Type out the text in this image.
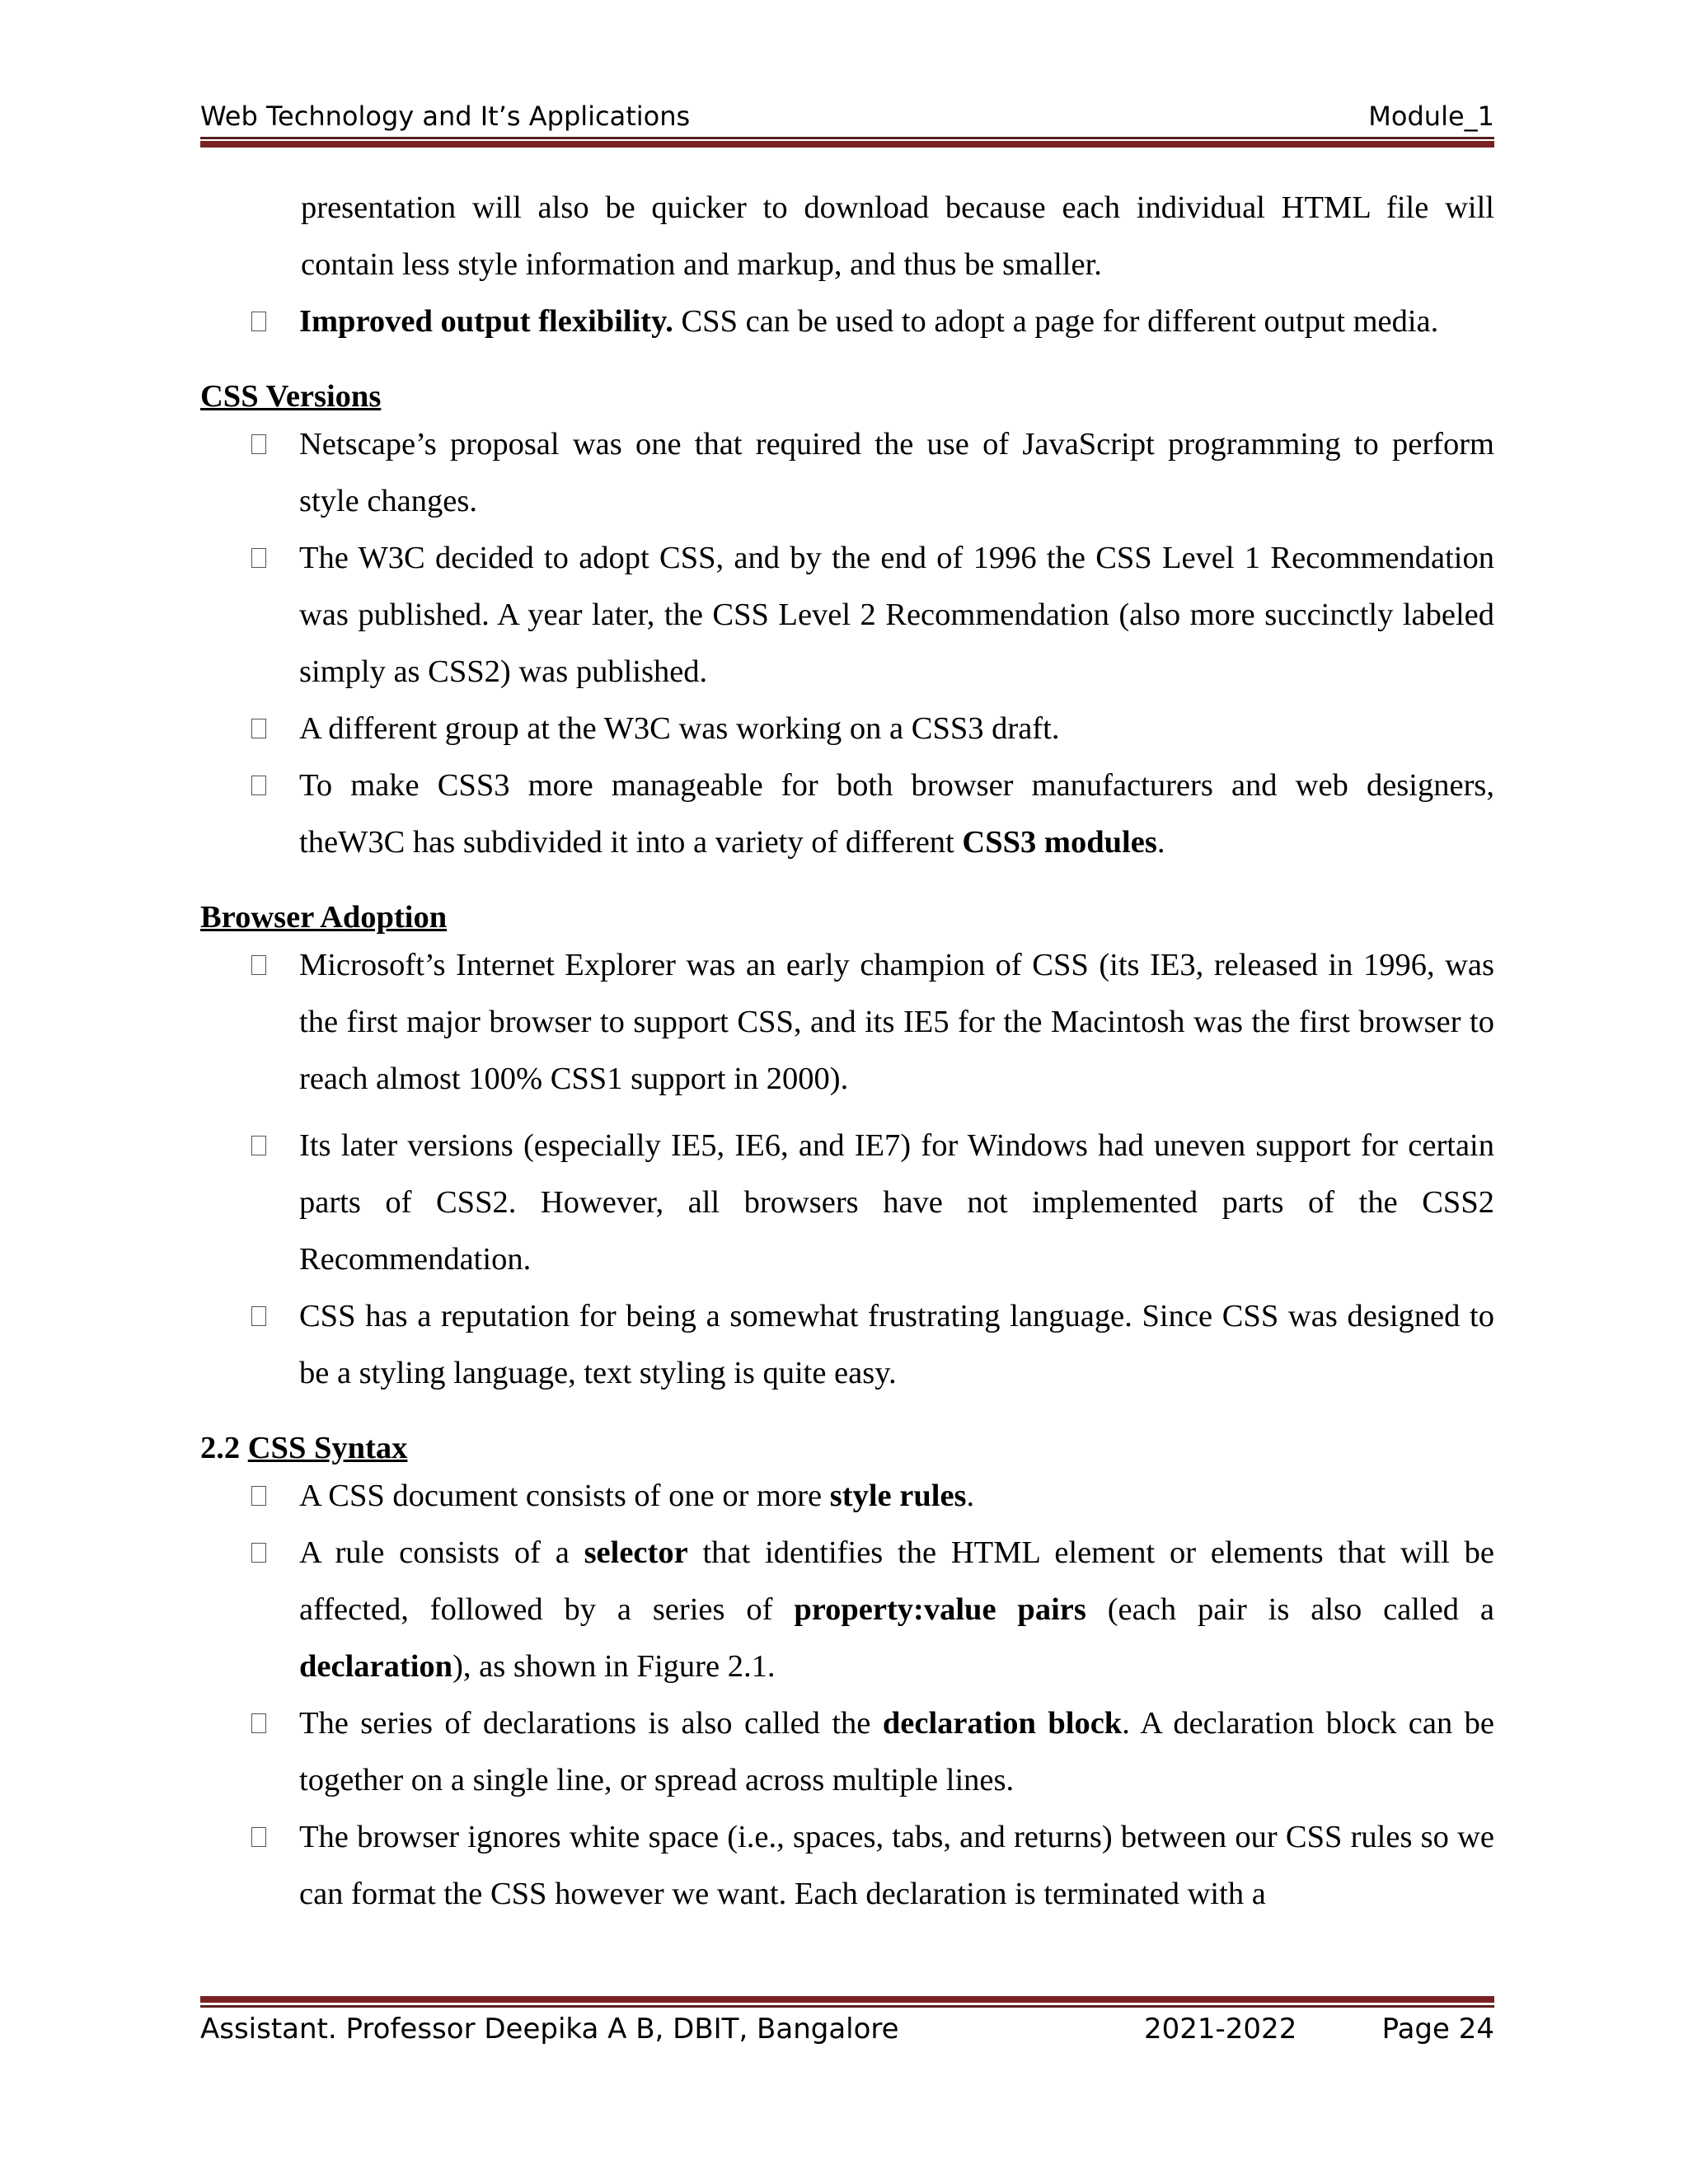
Web Technology and It’s Applications	Module_1
presentation will also be quicker to download because each individual HTML file will contain less style information and markup, and thus be smaller.
Improved output flexibility. CSS can be used to adopt a page for different output media.
CSS Versions
Netscape’s proposal was one that required the use of JavaScript programming to perform style changes.
The W3C decided to adopt CSS, and by the end of 1996 the CSS Level 1 Recommendation was published. A year later, the CSS Level 2 Recommendation (also more succinctly labeled simply as CSS2) was published.
A different group at the W3C was working on a CSS3 draft.
To make CSS3 more manageable for both browser manufacturers and web designers, theW3C has subdivided it into a variety of different CSS3 modules.
Browser Adoption
Microsoft’s Internet Explorer was an early champion of CSS (its IE3, released in 1996, was the first major browser to support CSS, and its IE5 for the Macintosh was the first browser to reach almost 100% CSS1 support in 2000).
Its later versions (especially IE5, IE6, and IE7) for Windows had uneven support for certain parts of CSS2. However, all browsers have not implemented parts of the CSS2 Recommendation.
CSS has a reputation for being a somewhat frustrating language. Since CSS was designed to be a styling language, text styling is quite easy.
2.2 CSS Syntax
A CSS document consists of one or more style rules.
A rule consists of a selector that identifies the HTML element or elements that will be affected, followed by a series of property:value pairs (each pair is also called a declaration), as shown in Figure 2.1.
The series of declarations is also called the declaration block. A declaration block can be together on a single line, or spread across multiple lines.
The browser ignores white space (i.e., spaces, tabs, and returns) between our CSS rules so we can format the CSS however we want. Each declaration is terminated with a
Assistant. Professor Deepika A B, DBIT, Bangalore	2021-2022	Page 24
